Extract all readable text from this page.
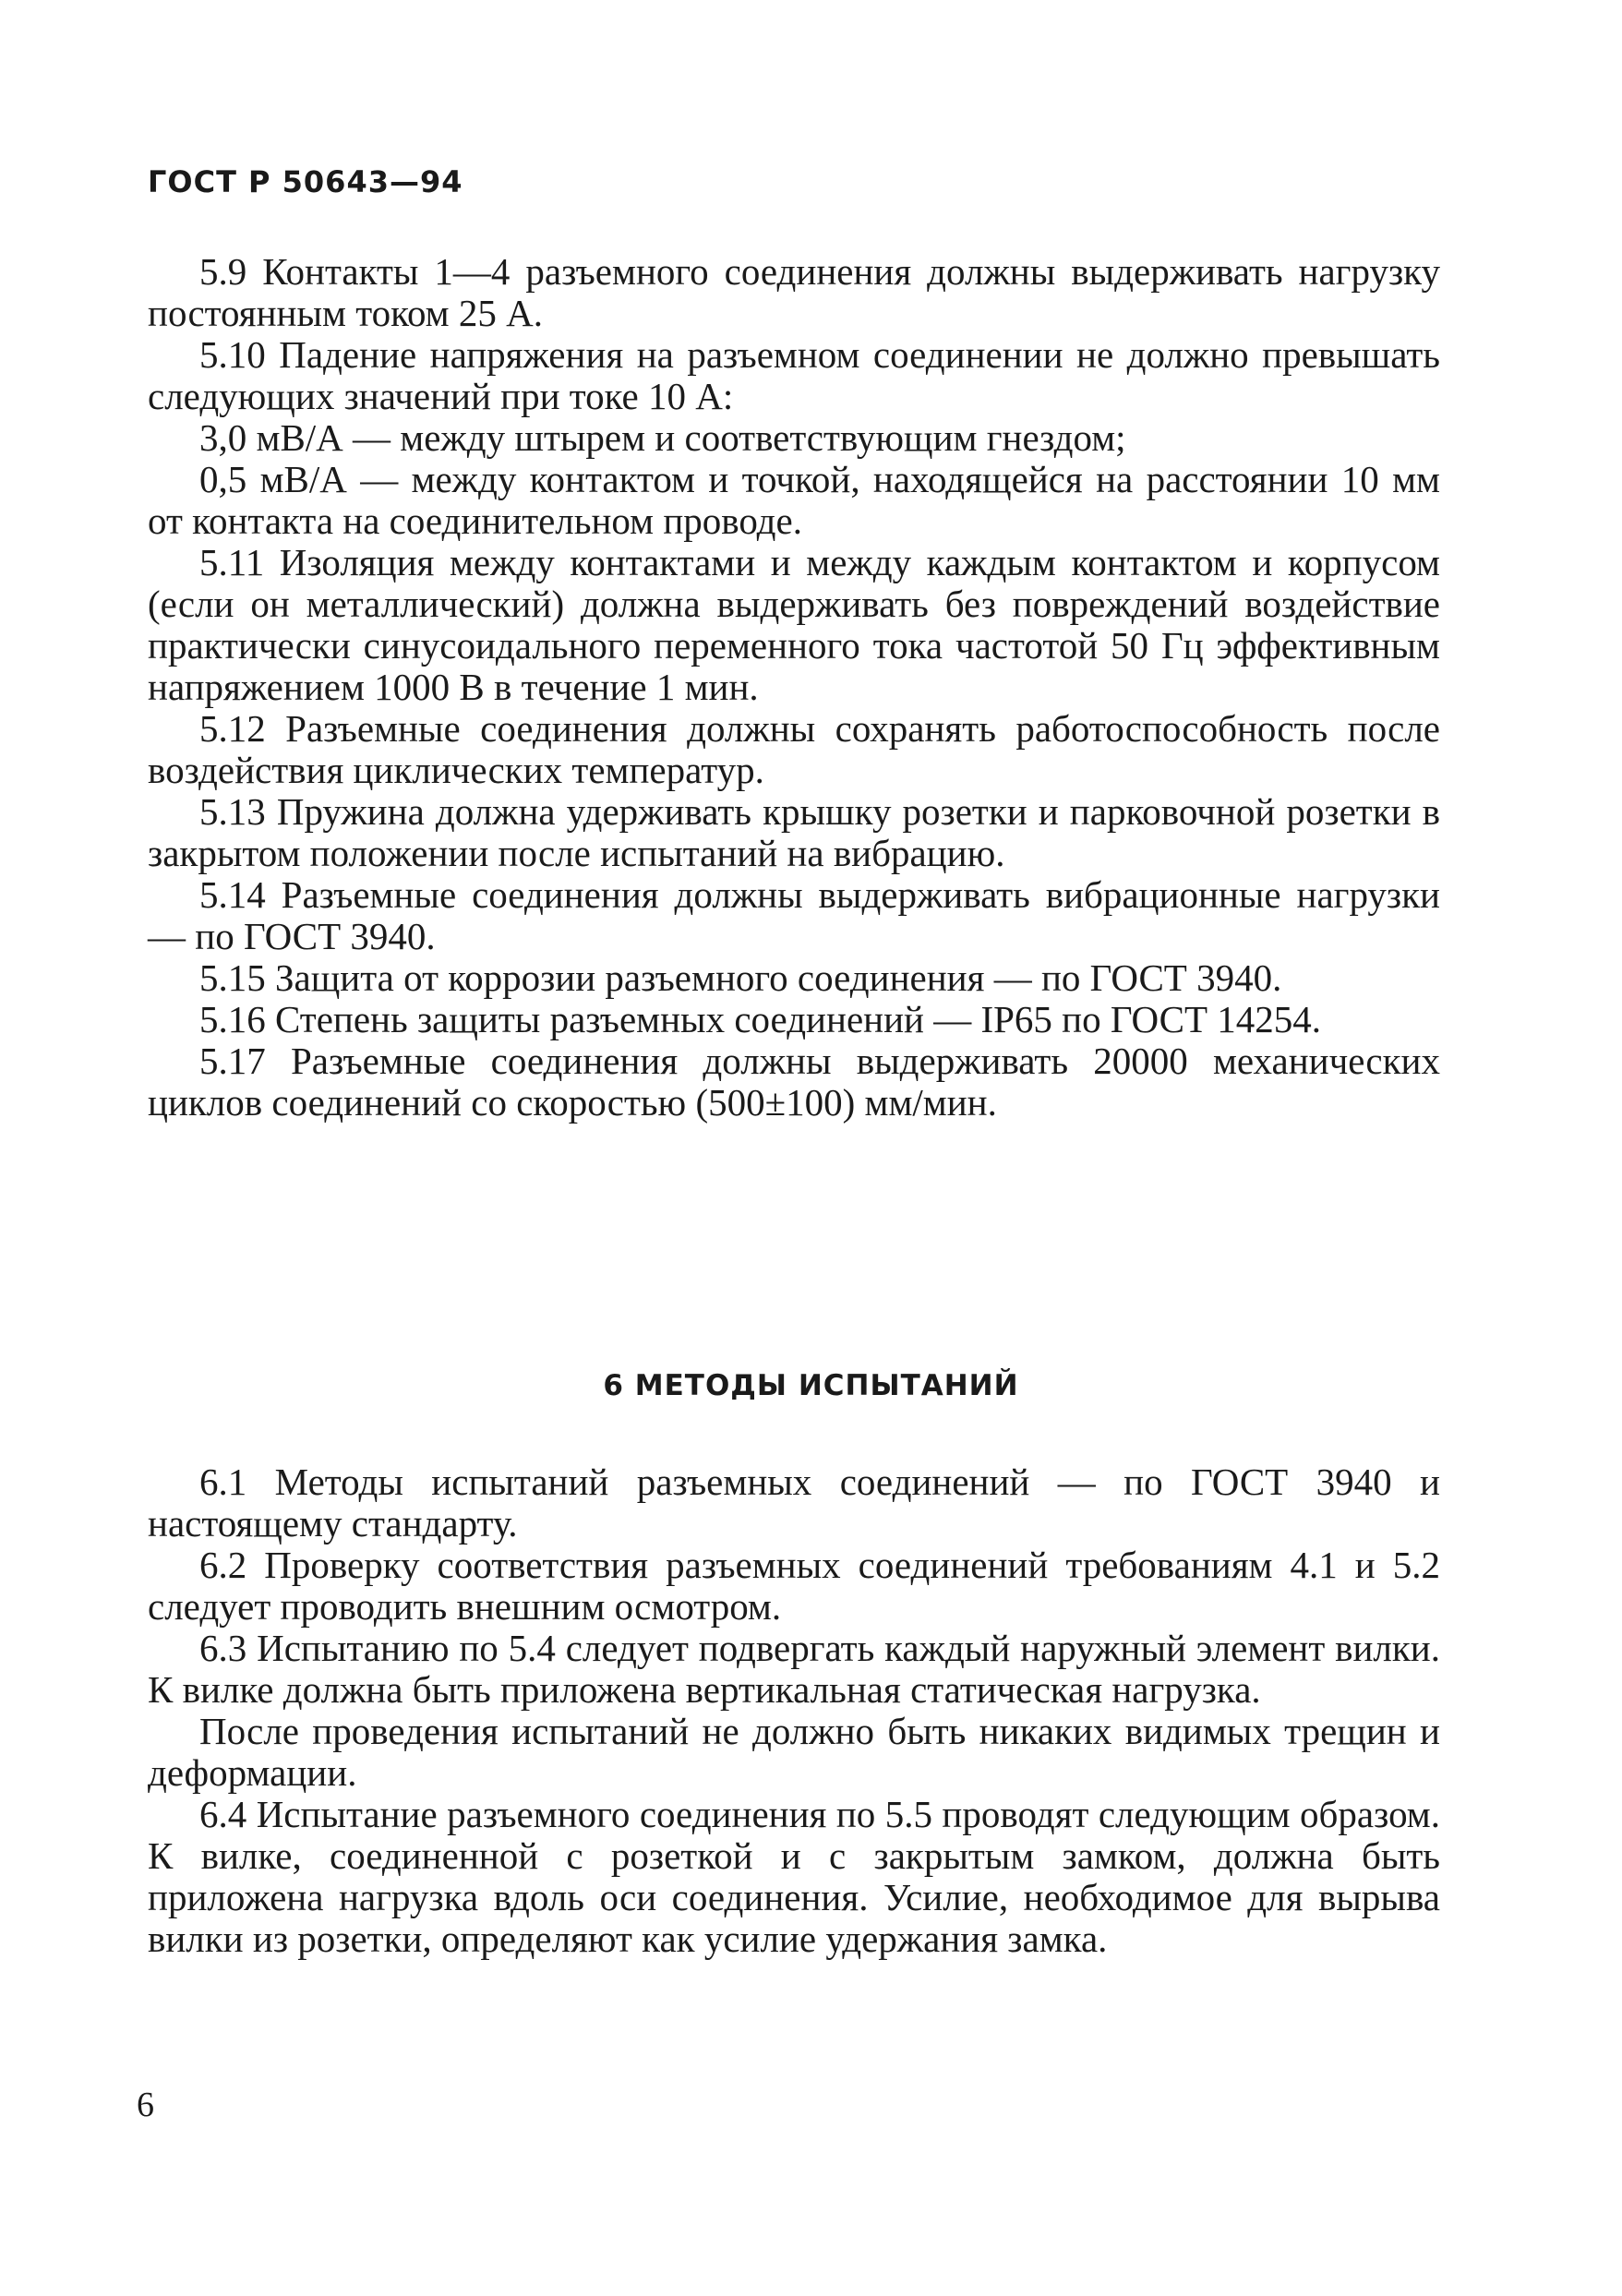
ГОСТ Р 50643—94

5.9 Контакты 1—4 разъемного соединения должны выдерживать нагрузку постоянным током 25 А.

5.10 Падение напряжения на разъемном соединении не должно превышать следующих значений при токе 10 А:

3,0 мВ/А — между штырем и соответствующим гнездом;

0,5 мВ/А — между контактом и точкой, находящейся на расстоянии 10 мм от контакта на соединительном проводе.

5.11 Изоляция между контактами и между каждым контактом и корпусом (если он металлический) должна выдерживать без повреждений воздействие практически синусоидального переменного тока частотой 50 Гц эффективным напряжением 1000 В в течение 1 мин.

5.12 Разъемные соединения должны сохранять работоспособность после воздействия циклических температур.

5.13 Пружина должна удерживать крышку розетки и парковочной розетки в закрытом положении после испытаний на вибрацию.

5.14 Разъемные соединения должны выдерживать вибрационные нагрузки — по ГОСТ 3940.

5.15 Защита от коррозии разъемного соединения — по ГОСТ 3940.

5.16 Степень защиты разъемных соединений — IP65 по ГОСТ 14254.

5.17 Разъемные соединения должны выдерживать 20000 механических циклов соединений со скоростью (500±100) мм/мин.

6 МЕТОДЫ ИСПЫТАНИЙ

6.1 Методы испытаний разъемных соединений — по ГОСТ 3940 и настоящему стандарту.

6.2 Проверку соответствия разъемных соединений требованиям 4.1 и 5.2 следует проводить внешним осмотром.

6.3 Испытанию по 5.4 следует подвергать каждый наружный элемент вилки. К вилке должна быть приложена вертикальная статическая нагрузка.

После проведения испытаний не должно быть никаких видимых трещин и деформации.

6.4 Испытание разъемного соединения по 5.5 проводят следующим образом. К вилке, соединенной с розеткой и с закрытым замком, должна быть приложена нагрузка вдоль оси соединения. Усилие, необходимое для вырыва вилки из розетки, определяют как усилие удержания замка.

6
